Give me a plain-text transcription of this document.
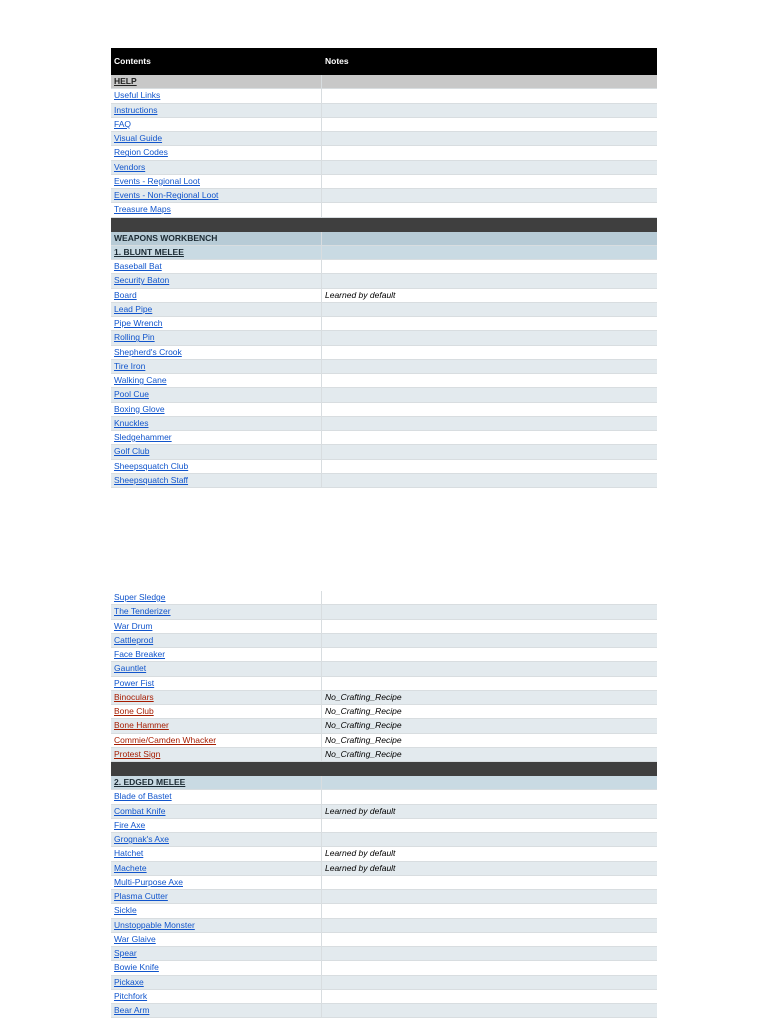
Contents	Notes
HELP
Useful Links
Instructions
FAQ
Visual Guide
Region Codes
Vendors
Events - Regional Loot
Events - Non-Regional Loot
Treasure Maps
WEAPONS WORKBENCH
1. BLUNT MELEE
Baseball Bat
Security Baton
Board	Learned by default
Lead Pipe
Pipe Wrench
Rolling Pin
Shepherd's Crook
Tire Iron
Walking Cane
Pool Cue
Boxing Glove
Knuckles
Sledgehammer
Golf Club
Sheepsquatch Club
Sheepsquatch Staff
Super Sledge
The Tenderizer
War Drum
Cattleprod
Face Breaker
Gauntlet
Power Fist
Binoculars	No_Crafting_Recipe
Bone Club	No_Crafting_Recipe
Bone Hammer	No_Crafting_Recipe
Commie/Camden Whacker	No_Crafting_Recipe
Protest Sign	No_Crafting_Recipe
2. EDGED MELEE
Blade of Bastet
Combat Knife	Learned by default
Fire Axe
Grognak's Axe
Hatchet	Learned by default
Machete	Learned by default
Multi-Purpose Axe
Plasma Cutter
Sickle
Unstoppable Monster
War Glaive
Spear
Bowie Knife
Pickaxe
Pitchfork
Bear Arm
